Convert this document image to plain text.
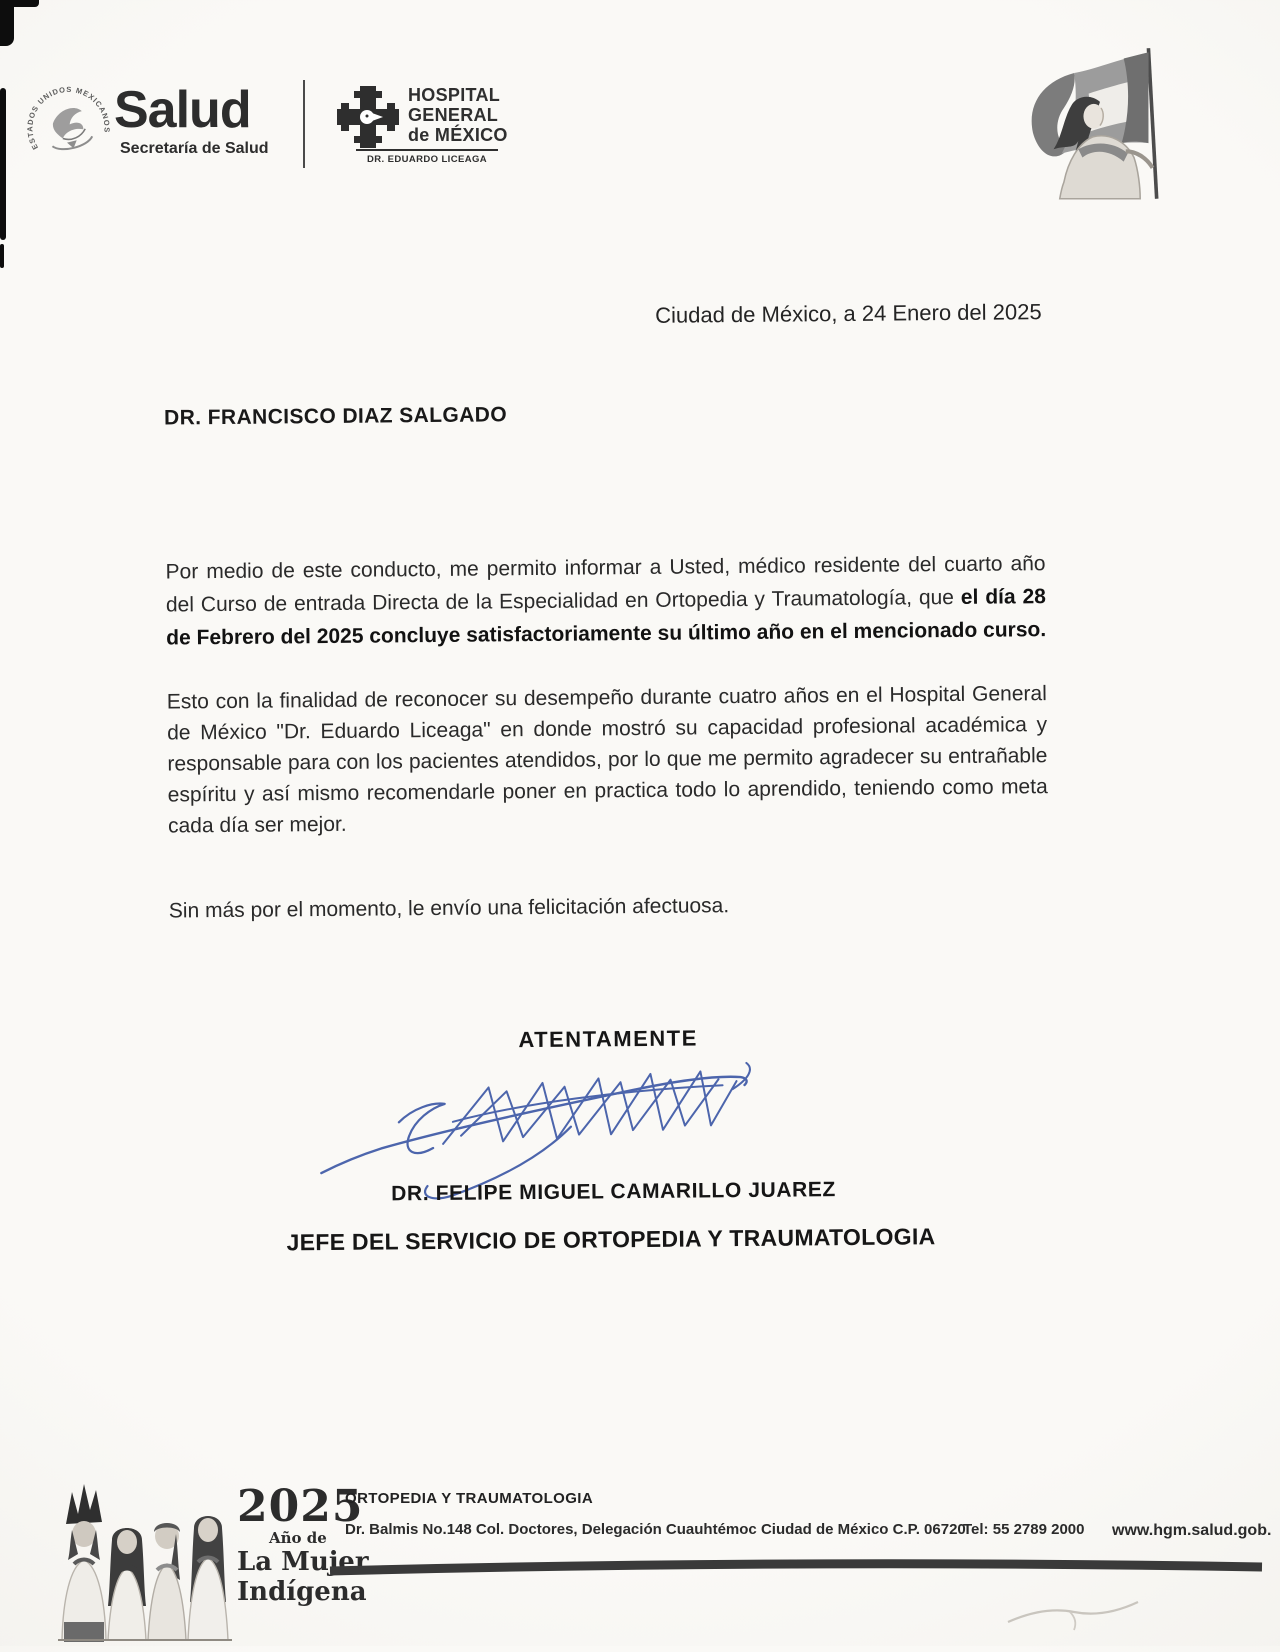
ESTADOS UNIDOS MEXICANOS Salud
Secretaría de Salud
HOSPITAL
GENERAL
de MÉXICO
DR. EDUARDO LICEAGA
Ciudad de México, a 24 Enero del 2025
DR. FRANCISCO DIAZ SALGADO

Por medio de este conducto, me permito informar a Usted, médico residente del cuarto año del Curso de entrada Directa de la Especialidad en Ortopedia y Traumatología, que el día 28 de Febrero del 2025 concluye satisfactoriamente su último año en el mencionado curso.

Esto con la finalidad de reconocer su desempeño durante cuatro años en el Hospital General de México "Dr. Eduardo Liceaga" en donde mostró su capacidad profesional académica y responsable para con los pacientes atendidos, por lo que me permito agradecer su entrañable espíritu y así mismo recomendarle poner en practica todo lo aprendido, teniendo como meta cada día ser mejor.

Sin más por el momento, le envío una felicitación afectuosa.

ATENTAMENTE
DR. FELIPE MIGUEL CAMARILLO JUAREZ
JEFE DEL SERVICIO DE ORTOPEDIA Y TRAUMATOLOGIA
2025
Año de
La Mujer
Indígena
ORTOPEDIA Y TRAUMATOLOGIA
Dr. Balmis No.148 Col. Doctores, Delegación Cuauhtémoc Ciudad de México C.P. 06720
Tel: 55 2789 2000 www.hgm.salud.gob.
